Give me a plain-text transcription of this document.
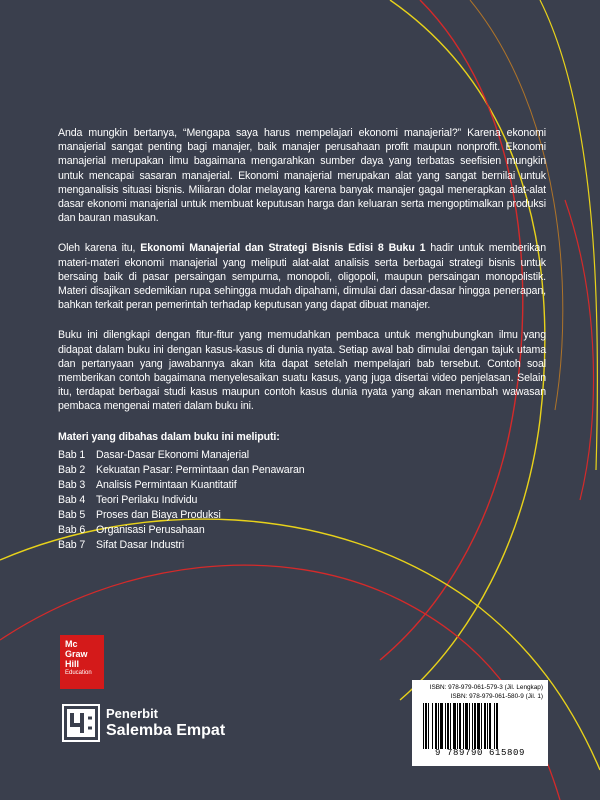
Anda mungkin bertanya, “Mengapa saya harus mempelajari ekonomi manajerial?” Karena ekonomi manajerial sangat penting bagi manajer, baik manajer perusahaan profit maupun nonprofit. Ekonomi manajerial merupakan ilmu bagaimana mengarahkan sumber daya yang terbatas seefisien mungkin untuk mencapai sasaran manajerial. Ekonomi manajerial merupakan alat yang sangat bernilai untuk menganalisis situasi bisnis. Miliaran dolar melayang karena banyak manajer gagal menerapkan alat-alat dasar ekonomi manajerial untuk membuat keputusan harga dan keluaran serta mengoptimalkan produksi dan bauran masukan.

Oleh karena itu, Ekonomi Manajerial dan Strategi Bisnis Edisi 8 Buku 1 hadir untuk memberikan materi-materi ekonomi manajerial yang meliputi alat-alat analisis serta berbagai strategi bisnis untuk bersaing baik di pasar persaingan sempurna, monopoli, oligopoli, maupun persaingan monopolistik. Materi disajikan sedemikian rupa sehingga mudah dipahami, dimulai dari dasar-dasar hingga penerapan, bahkan terkait peran pemerintah terhadap keputusan yang dapat dibuat manajer.

Buku ini dilengkapi dengan fitur-fitur yang memudahkan pembaca untuk menghubungkan ilmu yang didapat dalam buku ini dengan kasus-kasus di dunia nyata. Setiap awal bab dimulai dengan tajuk utama dan pertanyaan yang jawabannya akan kita dapat setelah mempelajari bab tersebut. Contoh soal memberikan contoh bagaimana menyelesaikan suatu kasus, yang juga disertai video penjelasan. Selain itu, terdapat berbagai studi kasus maupun contoh kasus dunia nyata yang akan menambah wawasan pembaca mengenai materi dalam buku ini.

Materi yang dibahas dalam buku ini meliputi:
Bab 1	Dasar-Dasar Ekonomi Manajerial
Bab 2	Kekuatan Pasar: Permintaan dan Penawaran
Bab 3	Analisis Permintaan Kuantitatif
Bab 4	Teori Perilaku Individu
Bab 5	Proses dan Biaya Produksi
Bab 6	Organisasi Perusahaan
Bab 7	Sifat Dasar Industri
Mc
Graw
Hill
Education
Penerbit
Salemba Empat
ISBN: 978-979-061-579-3 (Jil. Lengkap)
ISBN: 978-979-061-580-9 (Jil. 1)
9 789790 615809
